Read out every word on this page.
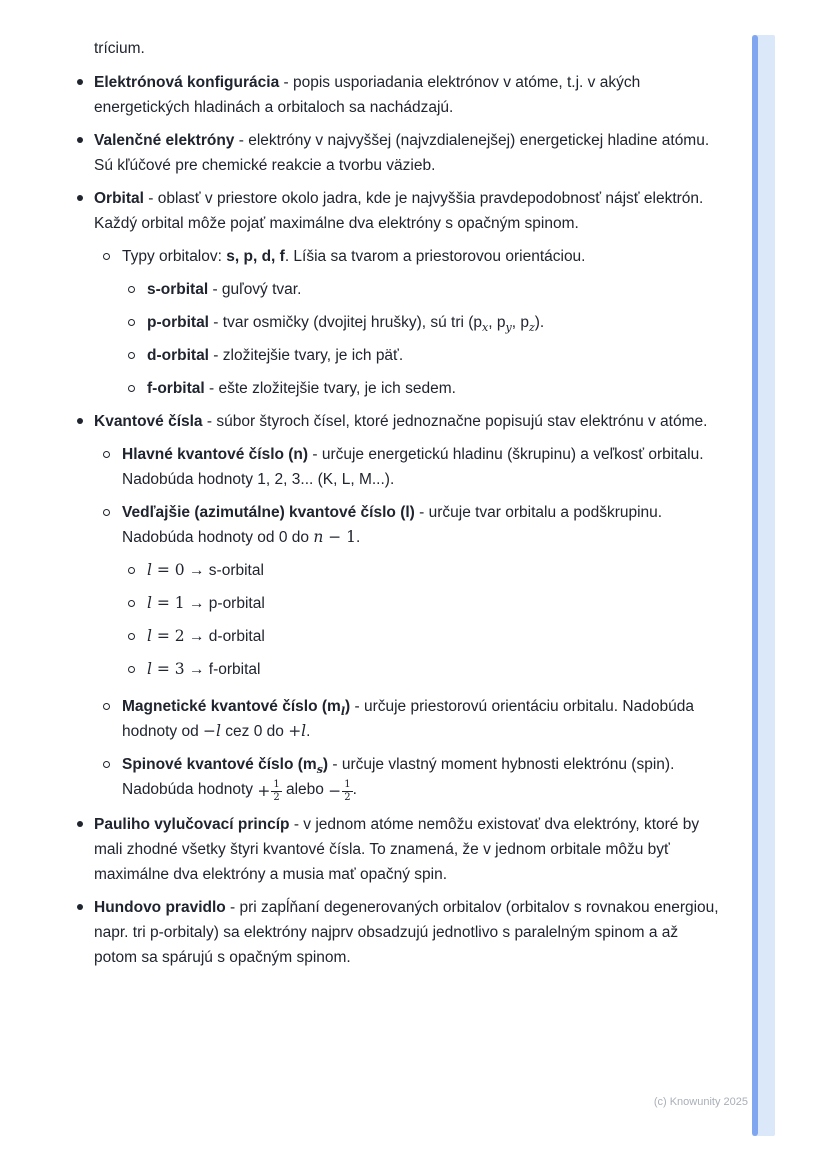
trícium.
Elektrónová konfigurácia - popis usporiadania elektrónov v atóme, t.j. v akých energetických hladinách a orbitaloch sa nachádzajú.
Valenčné elektróny - elektróny v najvyššej (najvzdialenejšej) energetickej hladine atómu. Sú kľúčové pre chemické reakcie a tvorbu väzieb.
Orbital - oblasť v priestore okolo jadra, kde je najvyššia pravdepodobnosť nájsť elektrón. Každý orbital môže pojať maximálne dva elektróny s opačným spinom.
Typy orbitalov: s, p, d, f. Líšia sa tvarom a priestorovou orientáciou.
s-orbital - guľový tvar.
p-orbital - tvar osmičky (dvojitej hrušky), sú tri ($p_x$, $p_y$, $p_z$).
d-orbital - zložitejšie tvary, je ich päť.
f-orbital - ešte zložitejšie tvary, je ich sedem.
Kvantové čísla - súbor štyroch čísel, ktoré jednoznačne popisujú stav elektrónu v atóme.
Hlavné kvantové číslo (n) - určuje energetickú hladinu (škrupinu) a veľkosť orbitalu. Nadobúda hodnoty 1, 2, 3... (K, L, M...).
Vedľajšie (azimutálne) kvantové číslo (l) - určuje tvar orbitalu a podškrupinu. Nadobúda hodnoty od 0 do n − 1.
l = 0 → s-orbital
l = 1 → p-orbital
l = 2 → d-orbital
l = 3 → f-orbital
Magnetické kvantové číslo $(m_l)$ - určuje priestorovú orientáciu orbitalu. Nadobúda hodnoty od −l cez 0 do +l.
Spinové kvantové číslo $(m_s)$ - určuje vlastný moment hybnosti elektrónu (spin). Nadobúda hodnoty + $\frac{1}{2}$ alebo − $\frac{1}{2}$ .
Pauliho vylučovací princíp - v jednom atóme nemôžu existovať dva elektróny, ktoré by mali zhodné všetky štyri kvantové čísla. To znamená, že v jednom orbitale môžu byť maximálne dva elektróny a musia mať opačný spin.
Hundovo pravidlo - pri zapĺňaní degenerovaných orbitalov (orbitalov s rovnakou energiou, napr. tri p-orbitaly) sa elektróny najprv obsadzujú jednotlivo s paralelným spinom a až potom sa spárujú s opačným spinom.
(c) Knowunity 2025
